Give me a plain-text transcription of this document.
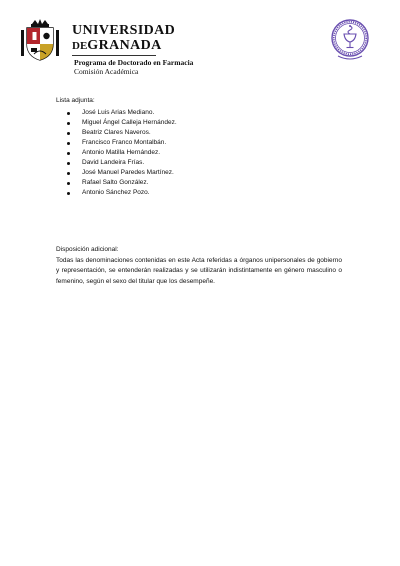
UNIVERSIDAD
DEGRANADA
Programa de Doctorado en Farmacia
Comisión Académica

Lista adjunta:

José Luis Arias Mediano.
Miguel Ángel Calleja Hernández.
Beatriz Clares Naveros.
Francisco Franco Montalbán.
Antonio Matilla Hernández.
David Landeira Frías.
José Manuel Paredes Martínez.
Rafael Salto González.
Antonio Sánchez Pozo.

Disposición adicional:

Todas las denominaciones contenidas en este Acta referidas a órganos unipersonales de gobierno y representación, se entenderán realizadas y se utilizarán indistintamente en género masculino o femenino, según el sexo del titular que los desempeñe.
